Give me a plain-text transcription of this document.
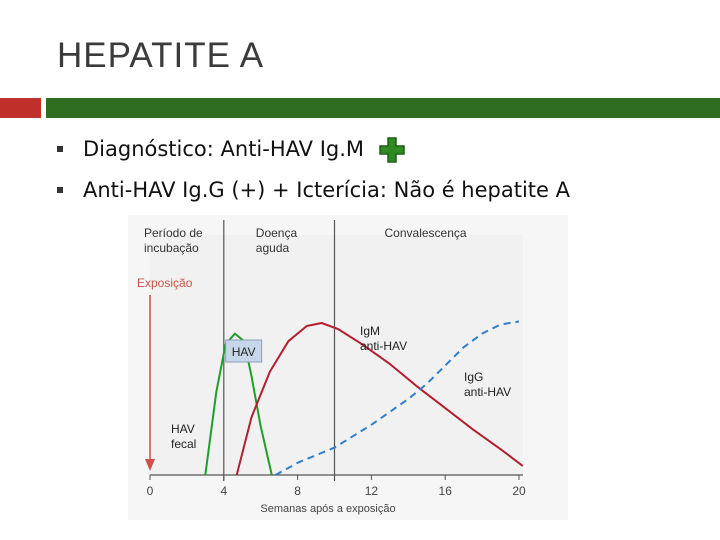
HEPATITE A
Diagnóstico: Anti-HAV Ig.M
Anti-HAV Ig.G (+) + Icterícia: Não é hepatite A
Período de
incubação
Doença
aguda
Convalescença
Exposição
0	4	8	12	16	20
Semanas após a exposição
HAV
HAV
fecal
IgM
anti-HAV
IgG
anti-HAV
